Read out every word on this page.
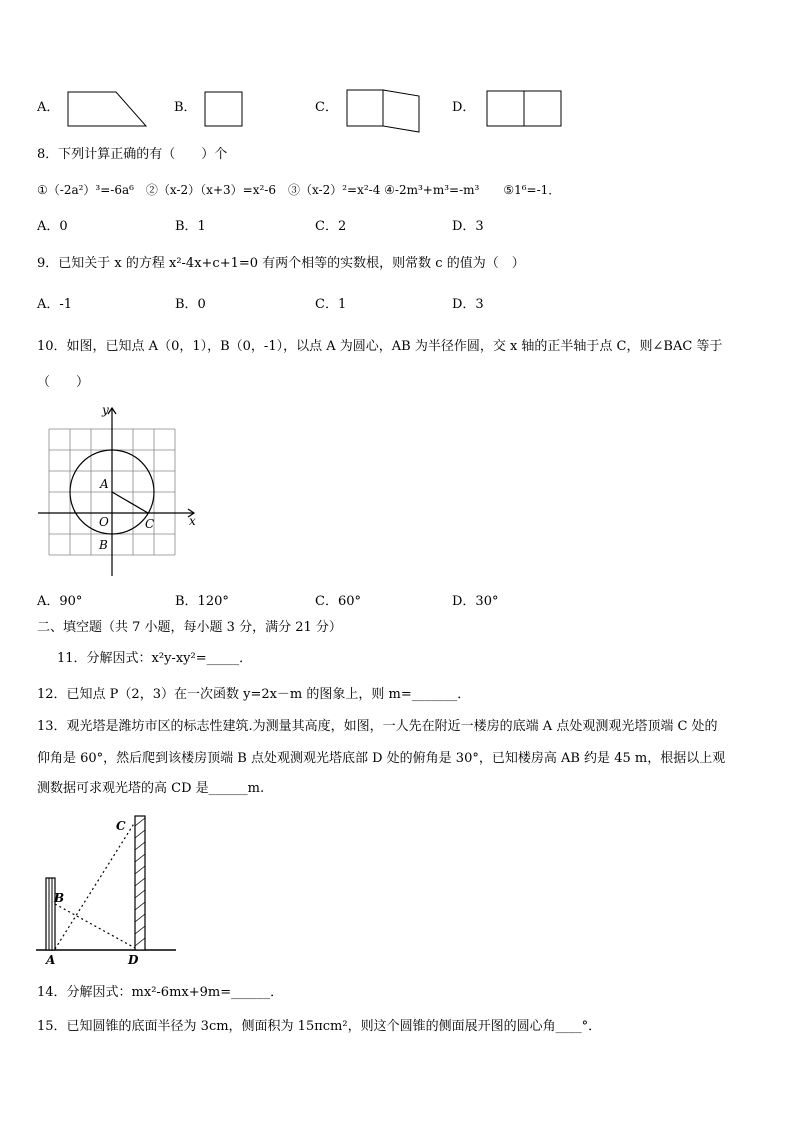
A．	B．	C．	D．
8．下列计算正确的有（　　）个
①（-2a²）³=-6a⁶　②（x-2）（x+3）=x²-6　③（x-2）²=x²-4 ④-2m³+m³=-m³　　⑤1⁶=-1．
A．0	B．1	C．2	D．3
9．已知关于 x 的方程 x²-4x+c+1=0 有两个相等的实数根，则常数 c 的值为（　）
A．-1	B．0	C．1	D．3
10．如图，已知点 A（0，1），B（0，-1），以点 A 为圆心，AB 为半径作圆，交 x 轴的正半轴于点 C，则∠BAC 等于
（　　）
y
x
A
O
B
C
A．90°	B．120°	C．60°	D．30°
二、填空题（共 7 小题，每小题 3 分，满分 21 分）
11．分解因式：x²y-xy²=_____．
12．已知点 P（2，3）在一次函数 y=2x－m 的图象上，则 m=_______．
13．观光塔是潍坊市区的标志性建筑.为测量其高度，如图，一人先在附近一楼房的底端 A 点处观测观光塔顶端 C 处的
仰角是 60°，然后爬到该楼房顶端 B 点处观测观光塔底部 D 处的俯角是 30°，已知楼房高 AB 约是 45 m，根据以上观
测数据可求观光塔的高 CD 是______m.
C
B
A	D
14．分解因式：mx²-6mx+9m=______．
15．已知圆锥的底面半径为 3cm，侧面积为 15πcm²，则这个圆锥的侧面展开图的圆心角____°．
